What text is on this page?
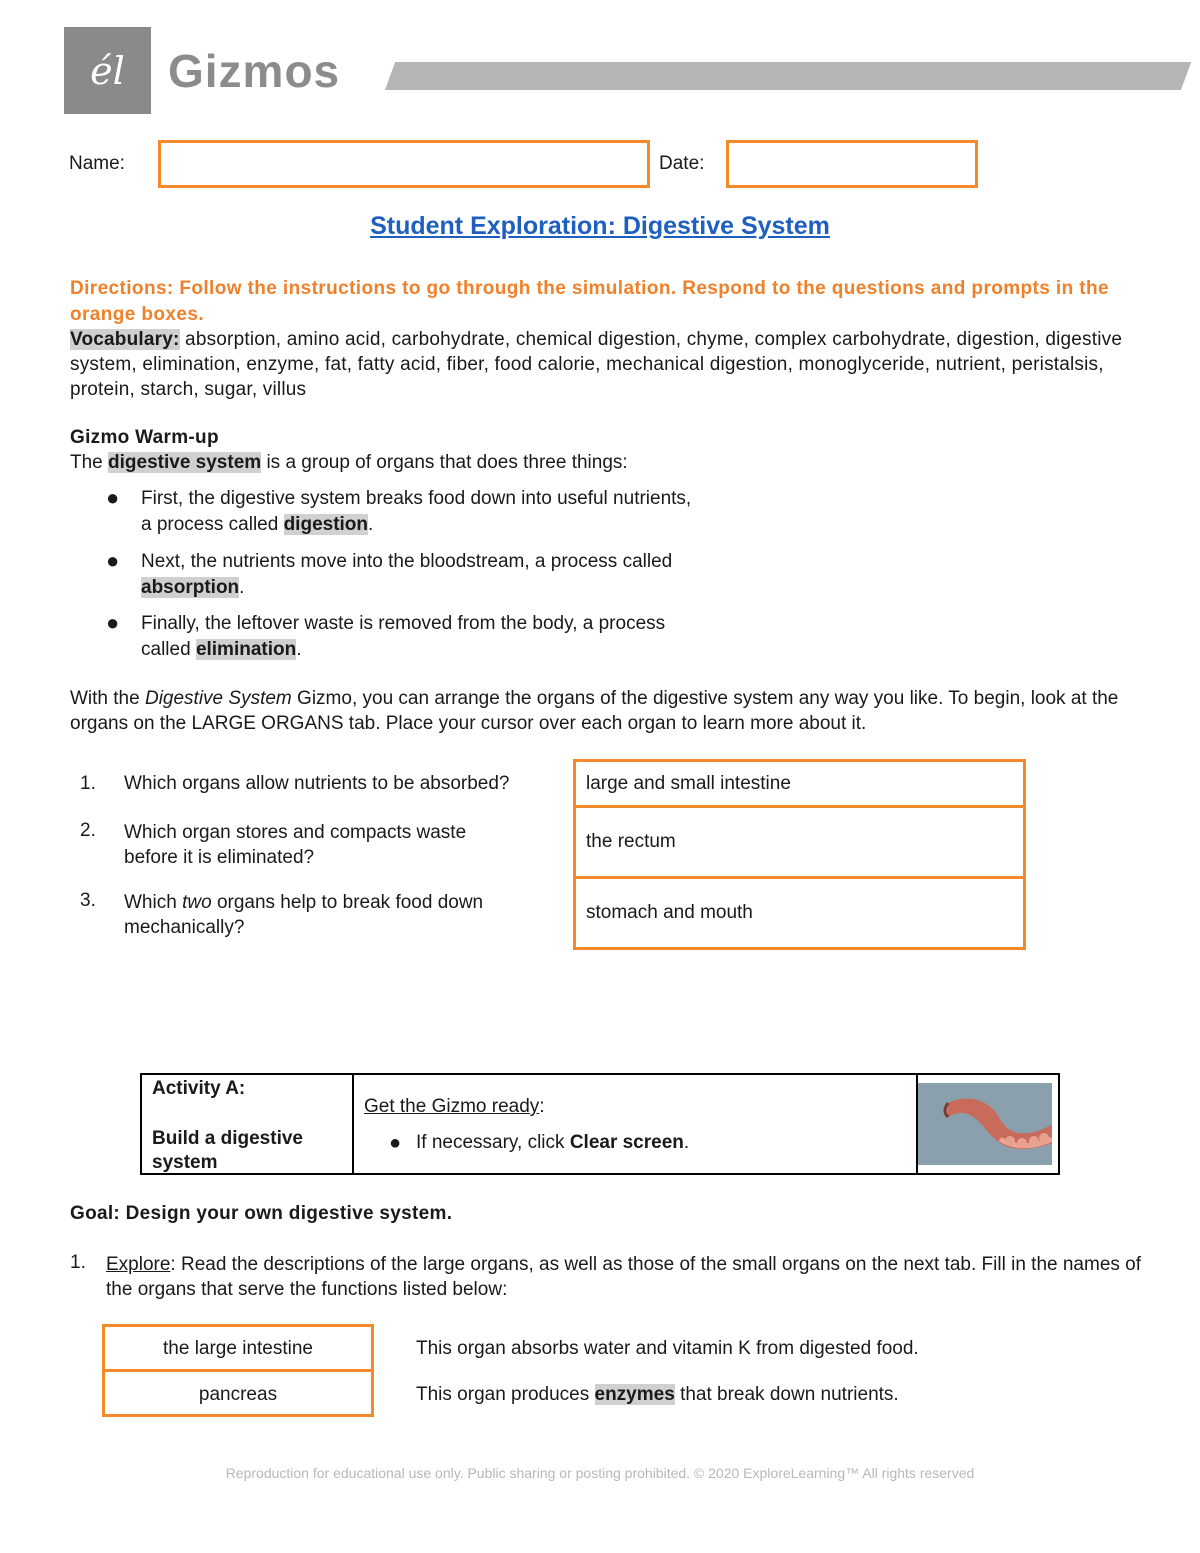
él Gizmos
Name:	Date:
Student Exploration: Digestive System
Directions: Follow the instructions to go through the simulation. Respond to the questions and prompts in the orange boxes.
Vocabulary: absorption, amino acid, carbohydrate, chemical digestion, chyme, complex carbohydrate, digestion, digestive system, elimination, enzyme, fat, fatty acid, fiber, food calorie, mechanical digestion, monoglyceride, nutrient, peristalsis, protein, starch, sugar, villus
Gizmo Warm-up
The digestive system is a group of organs that does three things:
● First, the digestive system breaks food down into useful nutrients,
a process called digestion.
● Next, the nutrients move into the bloodstream, a process called
absorption.
● Finally, the leftover waste is removed from the body, a process
called elimination.
With the Digestive System Gizmo, you can arrange the organs of the digestive system any way you like. To begin, look at the organs on the LARGE ORGANS tab. Place your cursor over each organ to learn more about it.
1. Which organs allow nutrients to be absorbed?
2. Which organ stores and compacts waste
before it is eliminated?
3. Which two organs help to break food down
mechanically?
large and small intestine
the rectum
stomach and mouth
Activity A:
Build a digestive system
Get the Gizmo ready:
● If necessary, click Clear screen.
Goal: Design your own digestive system.
1. Explore: Read the descriptions of the large organs, as well as those of the small organs on the next tab. Fill in the names of the organs that serve the functions listed below:
the large intestine
pancreas
This organ absorbs water and vitamin K from digested food.
This organ produces enzymes that break down nutrients.
Reproduction for educational use only. Public sharing or posting prohibited. © 2020 ExploreLearning™ All rights reserved
